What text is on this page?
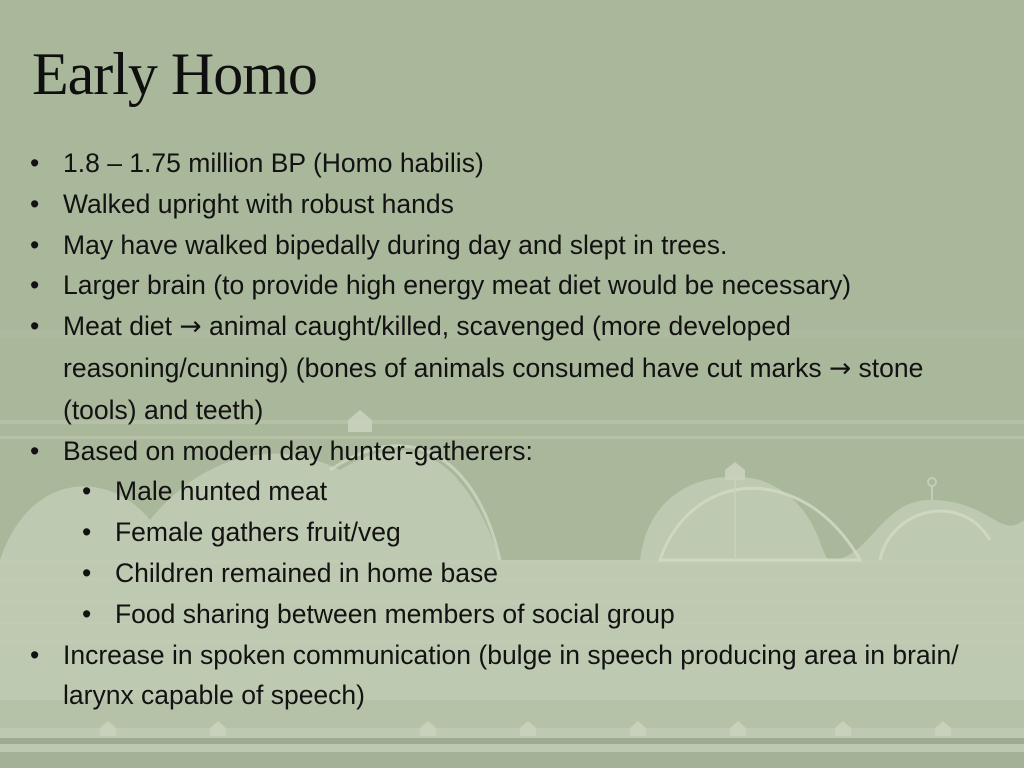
Early Homo
• 1.8 – 1.75 million BP (Homo habilis)
• Walked upright with robust hands
• May have walked bipedally during day and slept in trees.
• Larger brain (to provide high energy meat diet would be necessary)
• Meat diet → animal caught/killed, scavenged (more developed reasoning/cunning) (bones of animals consumed have cut marks → stone (tools) and teeth)
• Based on modern day hunter-gatherers:
• Male hunted meat
• Female gathers fruit/veg
• Children remained in home base
• Food sharing between members of social group
• Increase in spoken communication (bulge in speech producing area in brain/ larynx capable of speech)
